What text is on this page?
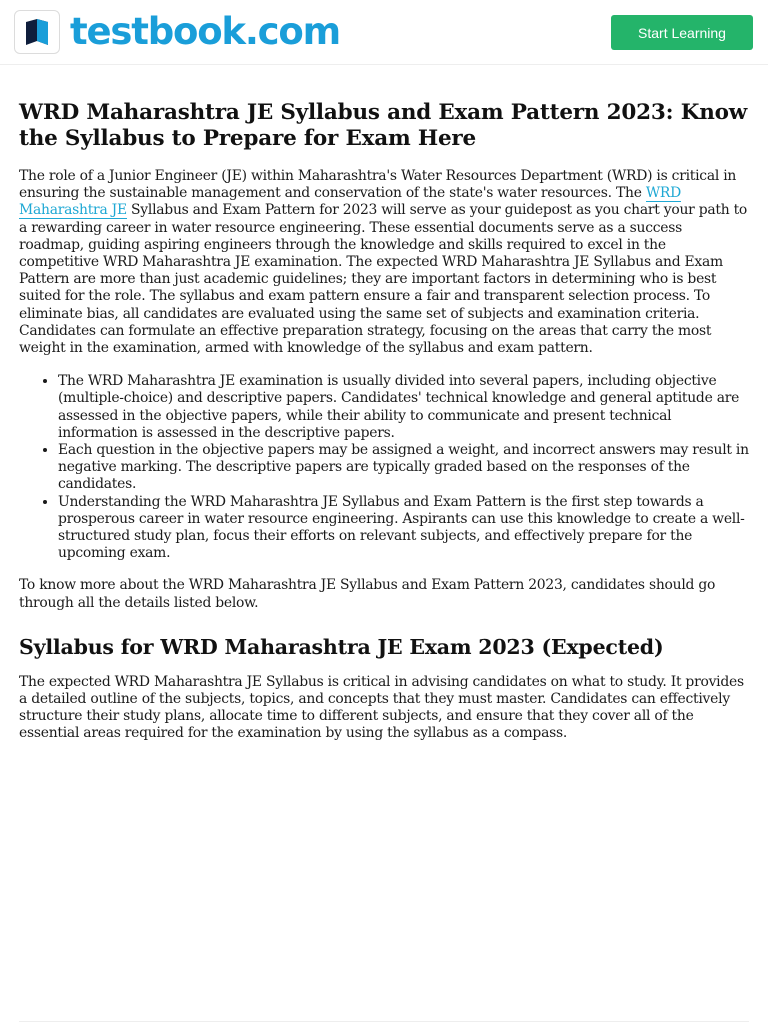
testbook.com	Start Learning
WRD Maharashtra JE Syllabus and Exam Pattern 2023: Know the Syllabus to Prepare for Exam Here

The role of a Junior Engineer (JE) within Maharashtra's Water Resources Department (WRD) is critical in ensuring the sustainable management and conservation of the state's water resources. The WRD Maharashtra JE Syllabus and Exam Pattern for 2023 will serve as your guidepost as you chart your path to a rewarding career in water resource engineering. These essential documents serve as a success roadmap, guiding aspiring engineers through the knowledge and skills required to excel in the competitive WRD Maharashtra JE examination. The expected WRD Maharashtra JE Syllabus and Exam Pattern are more than just academic guidelines; they are important factors in determining who is best suited for the role. The syllabus and exam pattern ensure a fair and transparent selection process. To eliminate bias, all candidates are evaluated using the same set of subjects and examination criteria. Candidates can formulate an effective preparation strategy, focusing on the areas that carry the most weight in the examination, armed with knowledge of the syllabus and exam pattern.

• The WRD Maharashtra JE examination is usually divided into several papers, including objective (multiple-choice) and descriptive papers. Candidates' technical knowledge and general aptitude are assessed in the objective papers, while their ability to communicate and present technical information is assessed in the descriptive papers.
• Each question in the objective papers may be assigned a weight, and incorrect answers may result in negative marking. The descriptive papers are typically graded based on the responses of the candidates.
• Understanding the WRD Maharashtra JE Syllabus and Exam Pattern is the first step towards a prosperous career in water resource engineering. Aspirants can use this knowledge to create a well-structured study plan, focus their efforts on relevant subjects, and effectively prepare for the upcoming exam.

To know more about the WRD Maharashtra JE Syllabus and Exam Pattern 2023, candidates should go through all the details listed below.

Syllabus for WRD Maharashtra JE Exam 2023 (Expected)

The expected WRD Maharashtra JE Syllabus is critical in advising candidates on what to study. It provides a detailed outline of the subjects, topics, and concepts that they must master. Candidates can effectively structure their study plans, allocate time to different subjects, and ensure that they cover all of the essential areas required for the examination by using the syllabus as a compass.
